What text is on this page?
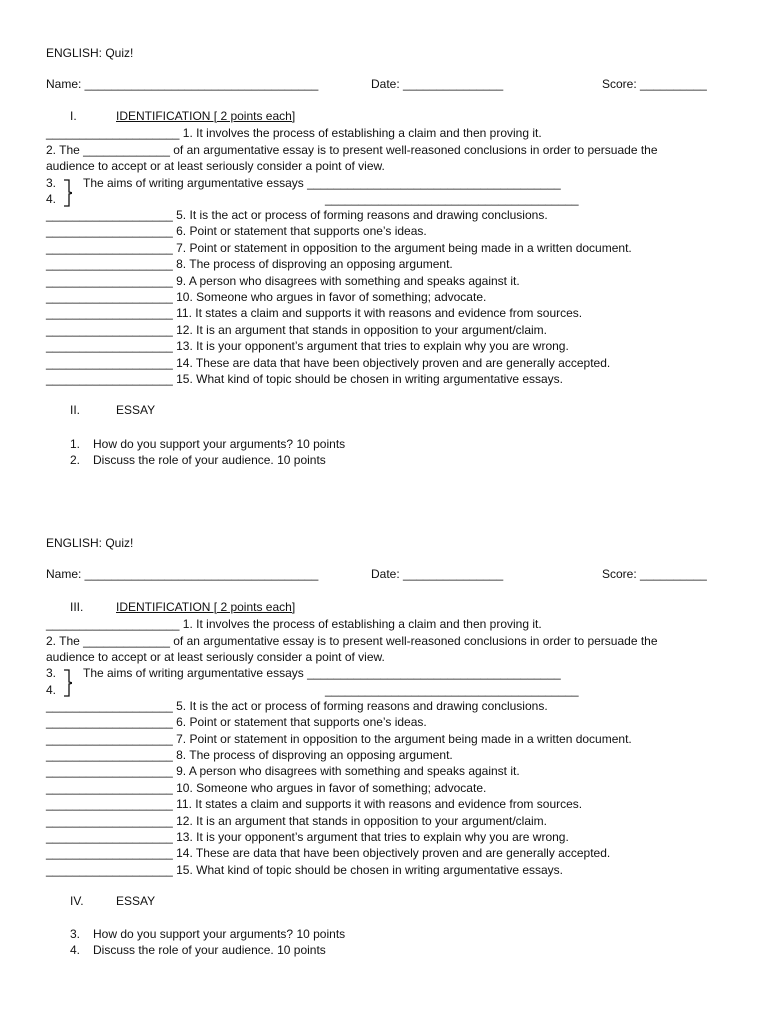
ENGLISH: Quiz!
Name: ___________________________________	Date: _______________	Score: __________
I.	IDENTIFICATION [ 2 points each]
____________________ 1. It involves the process of establishing a claim and then proving it.
2. The _____________ of an argumentative essay is to present well-reasoned conclusions in order to persuade the
audience to accept or at least seriously consider a point of view.
3. The aims of writing argumentative essays ______________________________________
4.	______________________________________
___________________ 5. It is the act or process of forming reasons and drawing conclusions.
___________________ 6. Point or statement that supports one’s ideas.
___________________ 7. Point or statement in opposition to the argument being made in a written document.
___________________ 8. The process of disproving an opposing argument.
___________________ 9. A person who disagrees with something and speaks against it.
___________________ 10. Someone who argues in favor of something; advocate.
___________________ 11. It states a claim and supports it with reasons and evidence from sources.
___________________ 12. It is an argument that stands in opposition to your argument/claim.
___________________ 13. It is your opponent’s argument that tries to explain why you are wrong.
___________________ 14. These are data that have been objectively proven and are generally accepted.
___________________ 15. What kind of topic should be chosen in writing argumentative essays.
II.	ESSAY
1. How do you support your arguments? 10 points
2. Discuss the role of your audience. 10 points
ENGLISH: Quiz!
Name: ___________________________________	Date: _______________	Score: __________
III.	IDENTIFICATION [ 2 points each]
____________________ 1. It involves the process of establishing a claim and then proving it.
2. The _____________ of an argumentative essay is to present well-reasoned conclusions in order to persuade the
audience to accept or at least seriously consider a point of view.
3. The aims of writing argumentative essays ______________________________________
4.	______________________________________
___________________ 5. It is the act or process of forming reasons and drawing conclusions.
___________________ 6. Point or statement that supports one’s ideas.
___________________ 7. Point or statement in opposition to the argument being made in a written document.
___________________ 8. The process of disproving an opposing argument.
___________________ 9. A person who disagrees with something and speaks against it.
___________________ 10. Someone who argues in favor of something; advocate.
___________________ 11. It states a claim and supports it with reasons and evidence from sources.
___________________ 12. It is an argument that stands in opposition to your argument/claim.
___________________ 13. It is your opponent’s argument that tries to explain why you are wrong.
___________________ 14. These are data that have been objectively proven and are generally accepted.
___________________ 15. What kind of topic should be chosen in writing argumentative essays.
IV.	ESSAY
3. How do you support your arguments? 10 points
4. Discuss the role of your audience. 10 points
